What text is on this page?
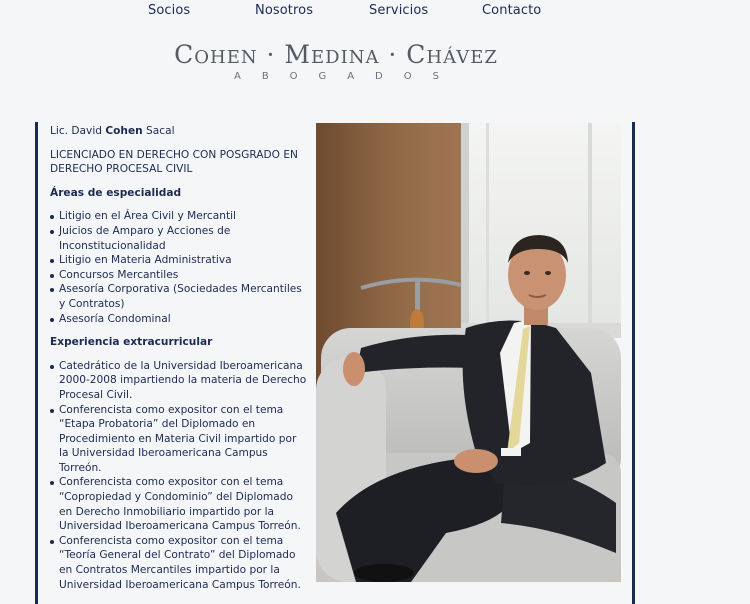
Socios	Nosotros	Servicios	Contacto
Cohen · Medina · Chávez
ABOGADOS

Lic. David Cohen Sacal

LICENCIADO EN DERECHO CON POSGRADO EN DERECHO PROCESAL CIVIL

Áreas de especialidad

Litigio en el Área Civil y Mercantil
Juicios de Amparo y Acciones de Inconstitucionalidad
Litigio en Materia Administrativa
Concursos Mercantiles
Asesoría Corporativa (Sociedades Mercantiles y Contratos)
Asesoría Condominal

Experiencia extracurricular

Catedrático de la Universidad Iberoamericana 2000-2008 impartiendo la materia de Derecho Procesal Civil.
Conferencista como expositor con el tema “Etapa Probatoria” del Diplomado en Procedimiento en Materia Civil impartido por la Universidad Iberoamericana Campus Torreón.
Conferencista como expositor con el tema “Copropiedad y Condominio” del Diplomado en Derecho Inmobiliario impartido por la Universidad Iberoamericana Campus Torreón.
Conferencista como expositor con el tema “Teoría General del Contrato” del Diplomado en Contratos Mercantiles impartido por la Universidad Iberoamericana Campus Torreón.
